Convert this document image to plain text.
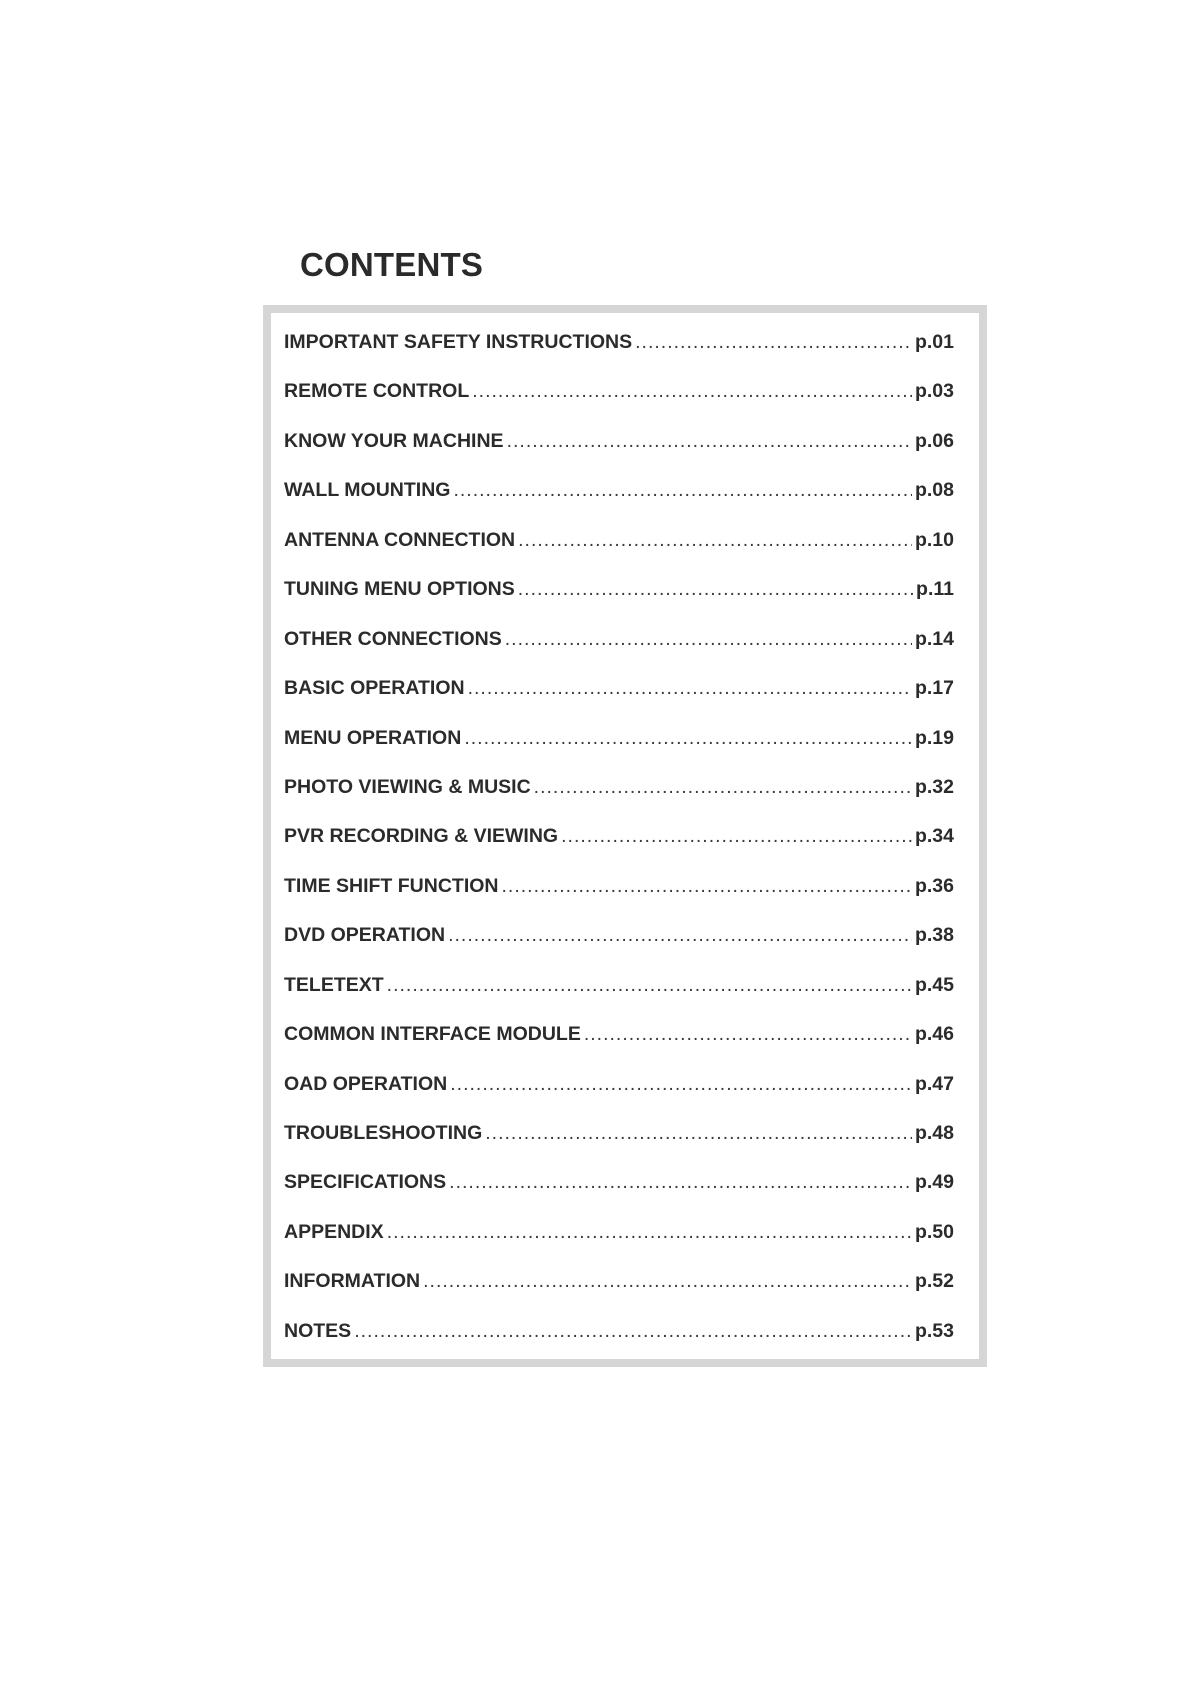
CONTENTS
IMPORTANT SAFETY INSTRUCTIONS .....	p.01
REMOTE CONTROL .....	p.03
KNOW YOUR MACHINE .....	p.06
WALL MOUNTING .....	p.08
ANTENNA CONNECTION .....	p.10
TUNING MENU OPTIONS .....	p.11
OTHER CONNECTIONS .....	p.14
BASIC OPERATION .....	p.17
MENU OPERATION .....	p.19
PHOTO VIEWING & MUSIC .....	p.32
PVR RECORDING & VIEWING .....	p.34
TIME SHIFT FUNCTION .....	p.36
DVD OPERATION .....	p.38
TELETEXT .....	p.45
COMMON INTERFACE MODULE .....	p.46
OAD OPERATION .....	p.47
TROUBLESHOOTING .....	p.48
SPECIFICATIONS .....	p.49
APPENDIX .....	p.50
INFORMATION .....	p.52
NOTES .....	p.53
